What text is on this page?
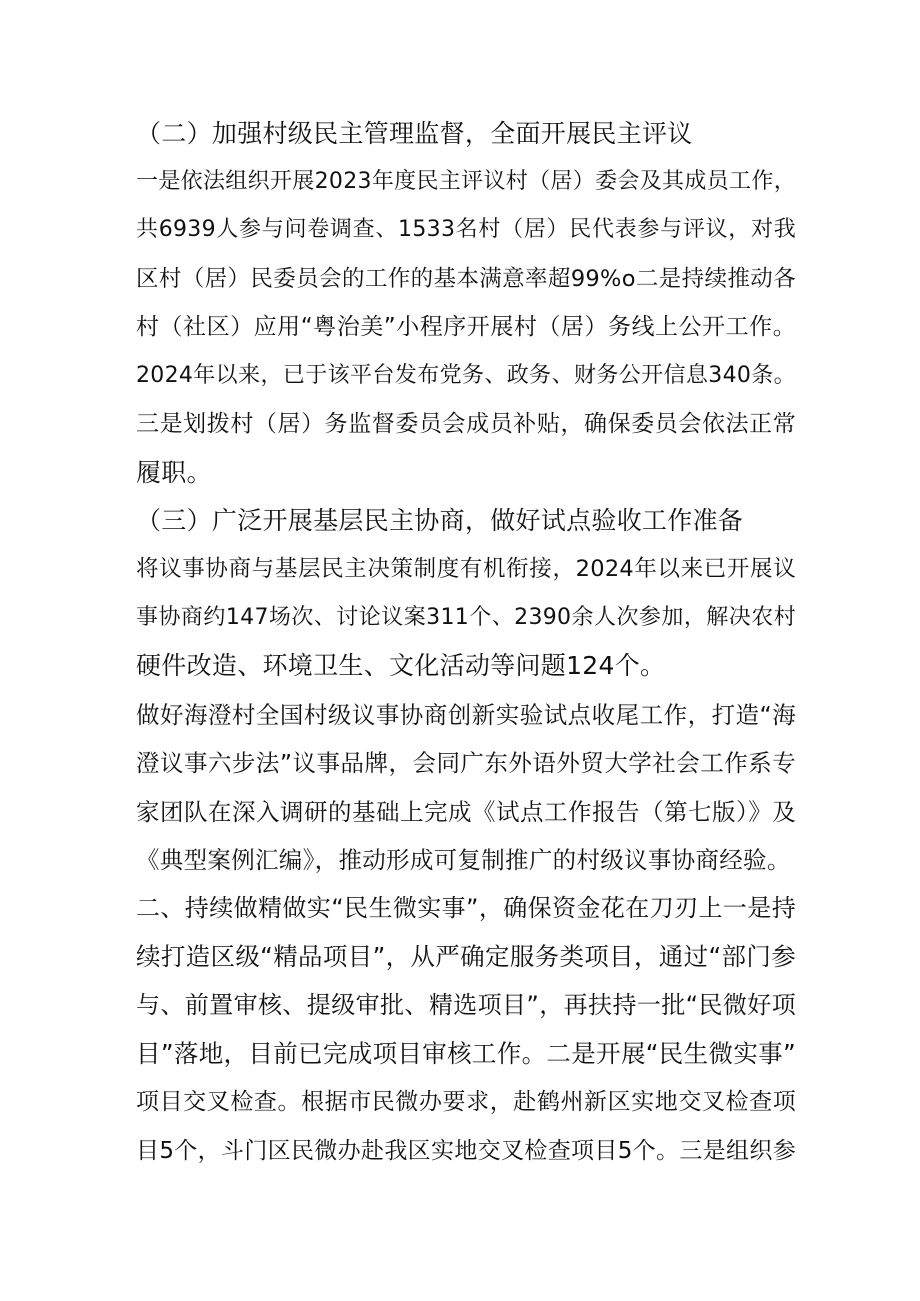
（二）加强村级民主管理监督，全面开展民主评议
一是依法组织开展2023年度民主评议村（居）委会及其成员工作，
共6939人参与问卷调查、1533名村（居）民代表参与评议，对我
区村（居）民委员会的工作的基本满意率超99%o二是持续推动各
村（社区）应用“粤治美”小程序开展村（居）务线上公开工作。
2024年以来，已于该平台发布党务、政务、财务公开信息340条。
三是划拨村（居）务监督委员会成员补贴，确保委员会依法正常
履职。
（三）广泛开展基层民主协商，做好试点验收工作准备
将议事协商与基层民主决策制度有机衔接，2024年以来已开展议
事协商约147场次、讨论议案311个、2390余人次参加，解决农村
硬件改造、环境卫生、文化活动等问题124个。
做好海澄村全国村级议事协商创新实验试点收尾工作，打造“海
澄议事六步法”议事品牌，会同广东外语外贸大学社会工作系专
家团队在深入调研的基础上完成《试点工作报告（第七版）》及
《典型案例汇编》，推动形成可复制推广的村级议事协商经验。
二、持续做精做实“民生微实事”，确保资金花在刀刃上一是持
续打造区级“精品项目”，从严确定服务类项目，通过“部门参
与、前置审核、提级审批、精选项目”，再扶持一批“民微好项
目”落地，目前已完成项目审核工作。二是开展“民生微实事”
项目交叉检查。根据市民微办要求，赴鹤州新区实地交叉检查项
目5个，斗门区民微办赴我区实地交叉检查项目5个。三是组织参
